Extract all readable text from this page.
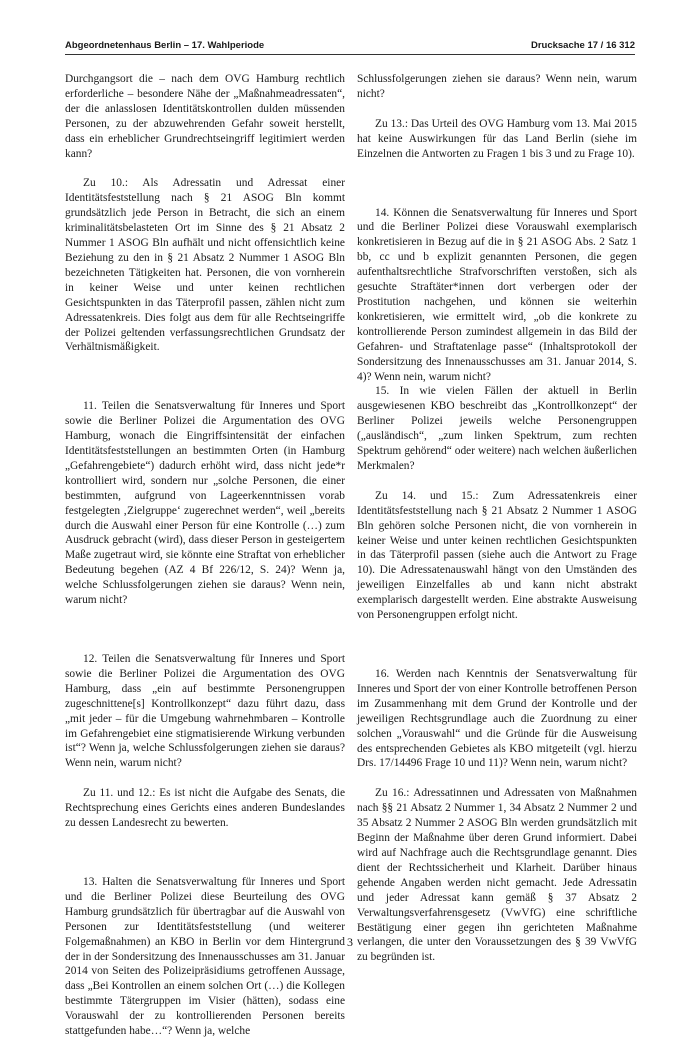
Abgeordnetenhaus Berlin – 17. Wahlperiode	Drucksache 17 / 16 312

Durchgangsort die – nach dem OVG Hamburg rechtlich erforderliche – besondere Nähe der „Maßnahmeadressaten“, der die anlasslosen Identitätskontrollen dulden müssenden Personen, zu der abzuwehrenden Gefahr soweit herstellt, dass ein erheblicher Grundrechtseingriff legitimiert werden kann?

Zu 10.: Als Adressatin und Adressat einer Identitätsfeststellung nach § 21 ASOG Bln kommt grundsätzlich jede Person in Betracht, die sich an einem kriminalitätsbelasteten Ort im Sinne des § 21 Absatz 2 Nummer 1 ASOG Bln aufhält und nicht offensichtlich keine Beziehung zu den in § 21 Absatz 2 Nummer 1 ASOG Bln bezeichneten Tätigkeiten hat. Personen, die von vornherein in keiner Weise und unter keinen rechtlichen Gesichtspunkten in das Täterprofil passen, zählen nicht zum Adressatenkreis. Dies folgt aus dem für alle Rechtseingriffe der Polizei geltenden verfassungsrechtlichen Grundsatz der Verhältnismäßigkeit.

11. Teilen die Senatsverwaltung für Inneres und Sport sowie die Berliner Polizei die Argumentation des OVG Hamburg, wonach die Eingriffsintensität der einfachen Identitätsfeststellungen an bestimmten Orten (in Hamburg „Gefahrengebiete“) dadurch erhöht wird, dass nicht jede*r kontrolliert wird, sondern nur „solche Personen, die einer bestimmten, aufgrund von Lageerkenntnissen vorab festgelegten ‚Zielgruppe‘ zugerechnet werden“, weil „bereits durch die Auswahl einer Person für eine Kontrolle (…) zum Ausdruck gebracht (wird), dass dieser Person in gesteigertem Maße zugetraut wird, sie könnte eine Straftat von erheblicher Bedeutung begehen (AZ 4 Bf 226/12, S. 24)? Wenn ja, welche Schlussfolgerungen ziehen sie daraus? Wenn nein, warum nicht?

12. Teilen die Senatsverwaltung für Inneres und Sport sowie die Berliner Polizei die Argumentation des OVG Hamburg, dass „ein auf bestimmte Personengruppen zugeschnittene[s] Kontrollkonzept“ dazu führt dazu, dass „mit jeder – für die Umgebung wahrnehmbaren – Kontrolle im Gefahrengebiet eine stigmatisierende Wirkung verbunden ist“? Wenn ja, welche Schlussfolgerungen ziehen sie daraus? Wenn nein, warum nicht?

Zu 11. und 12.: Es ist nicht die Aufgabe des Senats, die Rechtsprechung eines Gerichts eines anderen Bundeslandes zu dessen Landesrecht zu bewerten.

13. Halten die Senatsverwaltung für Inneres und Sport und die Berliner Polizei diese Beurteilung des OVG Hamburg grundsätzlich für übertragbar auf die Auswahl von Personen zur Identitätsfeststellung (und weiterer Folgemaßnahmen) an KBO in Berlin vor dem Hintergrund der in der Sondersitzung des Innenausschusses am 31. Januar 2014 von Seiten des Polizeipräsidiums getroffenen Aussage, dass „Bei Kontrollen an einem solchen Ort (…) die Kollegen bestimmte Tätergruppen im Visier (hätten), sodass eine Vorauswahl der zu kontrollierenden Personen bereits stattgefunden habe…“? Wenn ja, welche

Schlussfolgerungen ziehen sie daraus? Wenn nein, warum nicht?

Zu 13.: Das Urteil des OVG Hamburg vom 13. Mai 2015 hat keine Auswirkungen für das Land Berlin (siehe im Einzelnen die Antworten zu Fragen 1 bis 3 und zu Frage 10).

14. Können die Senatsverwaltung für Inneres und Sport und die Berliner Polizei diese Vorauswahl exemplarisch konkretisieren in Bezug auf die in § 21 ASOG Abs. 2 Satz 1 bb, cc und b explizit genannten Personen, die gegen aufenthaltsrechtliche Strafvorschriften verstoßen, sich als gesuchte Straftäter*innen dort verbergen oder der Prostitution nachgehen, und können sie weiterhin konkretisieren, wie ermittelt wird, „ob die konkrete zu kontrollierende Person zumindest allgemein in das Bild der Gefahren- und Straftatenlage passe“ (Inhaltsprotokoll der Sondersitzung des Innenausschusses am 31. Januar 2014, S. 4)? Wenn nein, warum nicht?

15. In wie vielen Fällen der aktuell in Berlin ausgewiesenen KBO beschreibt das „Kontrollkonzept“ der Berliner Polizei jeweils welche Personengruppen („ausländisch“, „zum linken Spektrum, zum rechten Spektrum gehörend“ oder weitere) nach welchen äußerlichen Merkmalen?

Zu 14. und 15.: Zum Adressatenkreis einer Identitätsfeststellung nach § 21 Absatz 2 Nummer 1 ASOG Bln gehören solche Personen nicht, die von vornherein in keiner Weise und unter keinen rechtlichen Gesichtspunkten in das Täterprofil passen (siehe auch die Antwort zu Frage 10). Die Adressatenauswahl hängt von den Umständen des jeweiligen Einzelfalles ab und kann nicht abstrakt exemplarisch dargestellt werden. Eine abstrakte Ausweisung von Personengruppen erfolgt nicht.

16. Werden nach Kenntnis der Senatsverwaltung für Inneres und Sport der von einer Kontrolle betroffenen Person im Zusammenhang mit dem Grund der Kontrolle und der jeweiligen Rechtsgrundlage auch die Zuordnung zu einer solchen „Vorauswahl“ und die Gründe für die Ausweisung des entsprechenden Gebietes als KBO mitgeteilt (vgl. hierzu Drs. 17/14496 Frage 10 und 11)? Wenn nein, warum nicht?

Zu 16.: Adressatinnen und Adressaten von Maßnahmen nach §§ 21 Absatz 2 Nummer 1, 34 Absatz 2 Nummer 2 und 35 Absatz 2 Nummer 2 ASOG Bln werden grundsätzlich mit Beginn der Maßnahme über deren Grund informiert. Dabei wird auf Nachfrage auch die Rechtsgrundlage genannt. Dies dient der Rechtssicherheit und Klarheit. Darüber hinaus gehende Angaben werden nicht gemacht. Jede Adressatin und jeder Adressat kann gemäß § 37 Absatz 2 Verwaltungsverfahrensgesetz (VwVfG) eine schriftliche Bestätigung einer gegen ihn gerichteten Maßnahme verlangen, die unter den Voraussetzungen des § 39 VwVfG zu begründen ist.

3
